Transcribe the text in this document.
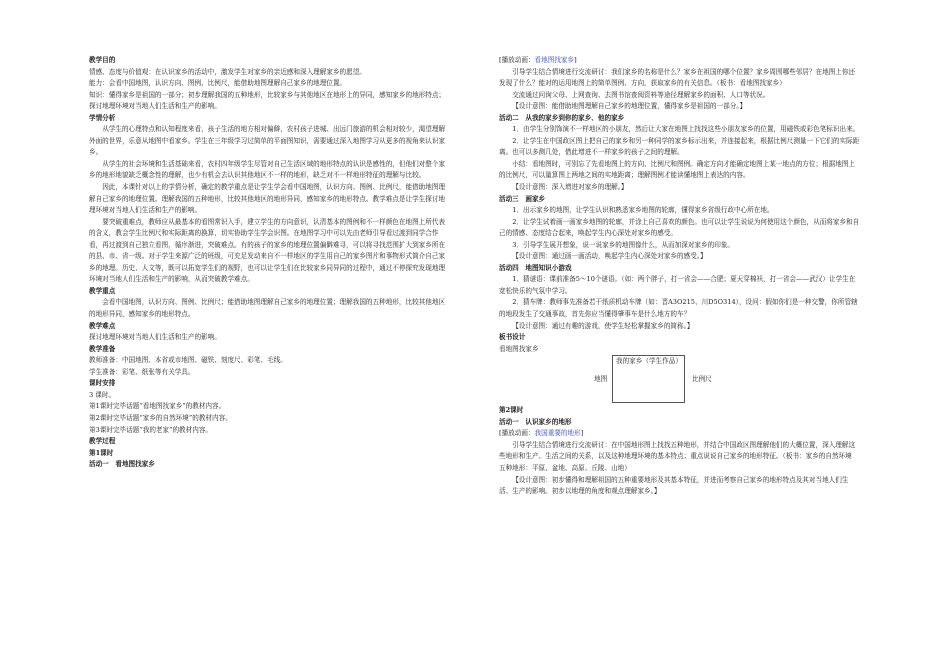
教学目的

情感、态度与价值观：在认识家乡的活动中，激发学生对家乡的亲近感和深入理解家乡的愿望。

能力：会看中国地图，认识方向、图例、比例尺，能借助地图理解自己家乡的地理位置。

知识：懂得家乡是祖国的一部分；初步理解我国的五种地形，比较家乡与其他地区在地形上的异同，感知家乡的地形特点；探讨地理环境对当地人们生活和生产的影响。

学情分析

从学生的心理特点和认知程度来看，孩子生活的地方相对偏僻，农村孩子进城、出远门旅游的机会相对较少，渴望理解外面的世界，乐意从地图中看家乡。学生在三年级学习过简单的平面图知识，需要通过深入地图学习从更多的视角来认识家乡。

从学生的社会环境和生活基础来看，农村四年级学生尽管对自己生活区域的地形特点的认识是感性的，但他们对整个家乡的地形地貌缺乏概念性的理解，也少有机会去认识其他地区不一样的地形，缺乏对不一样地形特征的理解与比较。

因此，本课针对以上的学情分析，确定的教学重点是让学生学会看中国地图，认识方向、图例、比例尺，能借助地图理解自己家乡的地理位置。理解我国的五种地形，比较其他地区的地形异同，感知家乡的地形特点。教学难点是让学生探讨地理环境对当地人们生活和生产的影响。

要突破重难点，教师应从最基本的看图常识入手，建立学生的方向意识，认清基本的图例和不一样颜色在地图上所代表的含义，教会学生比例尺和实际距离的换算，切实协助学生学会识图。在地图学习中可以先由老师引导看过渡到同学合作看，再过渡到自己独立看图，循序渐进，突破难点。有的孩子的家乡的地理位置偏僻难寻，可以将寻找范围扩大到家乡所在的县、市、省一级。对于学生来源广泛的班级，可充足发动来自不一样地区的学生用自己的家乡图片和事物形式简介自己家乡的地理。历史、人文等，既可以拓宽学生们的视野，也可以让学生们在比较家乡同异同的过程中，通过不停探究发现地理环境对当地人们生活和生产的影响，从而突破教学难点。

教学重点

会看中国地图，认识方向、图例、比例尺；能借助地图理解自己家乡的地理位置；理解我国的五种地形，比较其他地区的地形异同，感知家乡的地形特点。

教学难点

探讨地理环境对当地人们生活和生产的影响。

教学准备

教师准备：中国地图、本省或市地图、磁铁、刻度尺、彩笔、毛线。

学生准备：彩笔、纸张等有关学具。

课时安排

3 课时。

第1课时完毕话题“看地图找家乡”的教材内容。

第2课时完毕话题“家乡的自然环境”的教材内容。

第3课时完毕话题“我的老家”的教材内容。

教学过程

第1课时

活动一　看地图找家乡

[播放动画：看地图找家乡]

引导学生结合情境进行交流研讨：我们家乡的名称是什么？家乡在祖国的哪个位置？家乡周围哪些邻居？在地图上你还发现了什么？能对的运用地图上的简单图例、方向，获取家乡的有关信息。（板书：看地图找家乡）

交流通过问询父母、上网查询、去图书馆查阅资料等途径理解家乡的面积、人口等状况。

【设计意图：能借助地图理解自己家乡的地理位置，懂得家乡是祖国的一部分。】

活动二　从我的家乡到你的家乡、他的家乡

1．由学生分别饰演不一样地区的小朋友，然后让大家在地图上找找这些小朋友家乡的位置，用磁铁或彩色笔标识出来。

2．让学生在中国政区图上把自己的家乡和另一种同学的家乡标示出来，并连接起来，根据比例尺测量一下它们的实际距离。也可以多测几处，借此增进不一样家乡的孩子之间的理解。

小结：看地图时，可别忘了先看地图上的方向、比例尺和图例。确定方向才能确定地图上某一地点的方位；根据地图上的比例尺，可以量算图上两地之间的实地距离；理解图例才能读懂地图上表达的内容。

【设计意图：深入增进对家乡的理解。】

活动三　画家乡

1．出示家乡的地图，让学生认识和熟悉家乡地图的轮廓，懂得家乡省级行政中心所在地。

2．让学生试着画一画家乡地图的轮廓，并涂上自己喜欢的颜色。也可以让学生说说为何使用这个颜色，从而将家乡和自己的情感、态度结合起来，唤起学生内心深处对家乡的感受。

3．引导学生展开想象，说一说家乡的地图像什么，从而加深对家乡的印象。

【设计意图：通过画一画活动，唤起学生内心深处对家乡的感受。】

活动四　地图知识小游戏

1．猜谜语：课前准备5～10个谜语。（如：两个胖子，打一省会——合肥；夏天穿棉袄，打一省会——武汉）让学生在宽松快乐的气氛中学习。

2．猜车牌：教师事先准备若干纸质机动车牌（如：晋A3O215、川D5O314），设问：假如你们是一种交警，你所管辖的地段发生了交通事故，首先你应当懂得肇事车是什么地方的车？

【设计意图：通过有趣的游戏，使学生轻松掌握家乡的简称。】

板书设计

看地图找家乡

地图
我的家乡（学生作品）
比例尺

第2课时

活动一　认识家乡的地形

[播放动画：我国重要的地形]

引导学生结合情境进行交流研讨：在中国地形图上找找五种地形，并结合中国政区图理解他们的大概位置，深入理解这些地形和生产、生活之间的关系，以及这种地理环境的基本特点；重点说说自己家乡的地形特征。（板书：家乡的自然环境　五种地形：平原、盆地、高原、丘陵、山地）

【设计意图：初步懂得和理解祖国的五种重要地形及其基本特征，并进而考察自己家乡的地形特点及其对当地人们生活、生产的影响。初步以地理的角度和观点理解家乡。】
